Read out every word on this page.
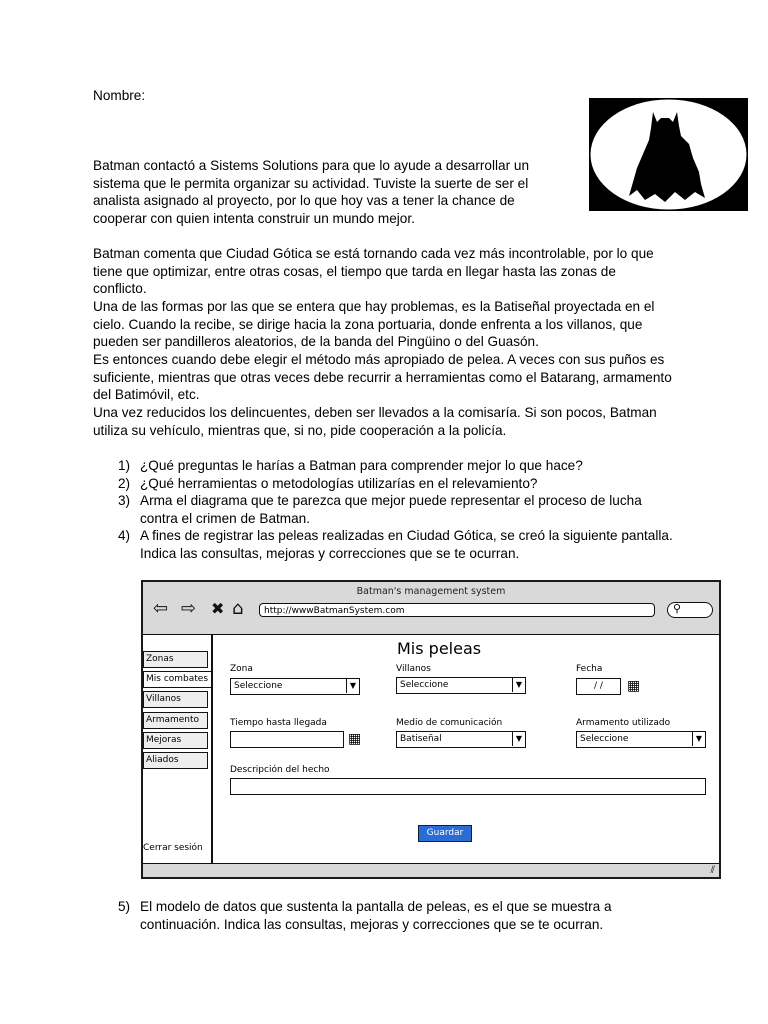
Nombre:
Batman contactó a Sistems Solutions para que lo ayude a desarrollar un sistema que le permita organizar su actividad. Tuviste la suerte de ser el analista asignado al proyecto, por lo que hoy vas a tener la chance de cooperar con quien intenta construir un mundo mejor.
Batman comenta que Ciudad Gótica se está tornando cada vez más incontrolable, por lo que tiene que optimizar, entre otras cosas, el tiempo que tarda en llegar hasta las zonas de conflicto.
Una de las formas por las que se entera que hay problemas, es la Batiseñal proyectada en el cielo. Cuando la recibe, se dirige hacia la zona portuaria, donde enfrenta a los villanos, que pueden ser pandilleros aleatorios, de la banda del Pingüino o del Guasón.
Es entonces cuando debe elegir el método más apropiado de pelea. A veces con sus puños es suficiente, mientras que otras veces debe recurrir a herramientas como el Batarang, armamento del Batimóvil, etc.
Una vez reducidos los delincuentes, deben ser llevados a la comisaría. Si son pocos, Batman utiliza su vehículo, mientras que, si no, pide cooperación a la policía.
1) ¿Qué preguntas le harías a Batman para comprender mejor lo que hace?
2) ¿Qué herramientas o metodologías utilizarías en el relevamiento?
3) Arma el diagrama que te parezca que mejor puede representar el proceso de lucha contra el crimen de Batman.
4) A fines de registrar las peleas realizadas en Ciudad Gótica, se creó la siguiente pantalla. Indica las consultas, mejoras y correcciones que se te ocurran.
Batman's management system
⇦ ⇨ ✖ ⌂	http://wwwBatmanSystem.com	⚲
Zonas
Mis combates
Villanos
Armamento
Mejoras
Aliados
Cerrar sesión
Mis peleas
Zona
Seleccione	▼
Villanos
Seleccione	▼
Fecha
/ /	▦
Tiempo hasta llegada
▦
Medio de comunicación
Batiseñal	▼
Armamento utilizado
Seleccione	▼
Descripción del hecho
Guardar
⫽
5) El modelo de datos que sustenta la pantalla de peleas, es el que se muestra a continuación. Indica las consultas, mejoras y correcciones que se te ocurran.
